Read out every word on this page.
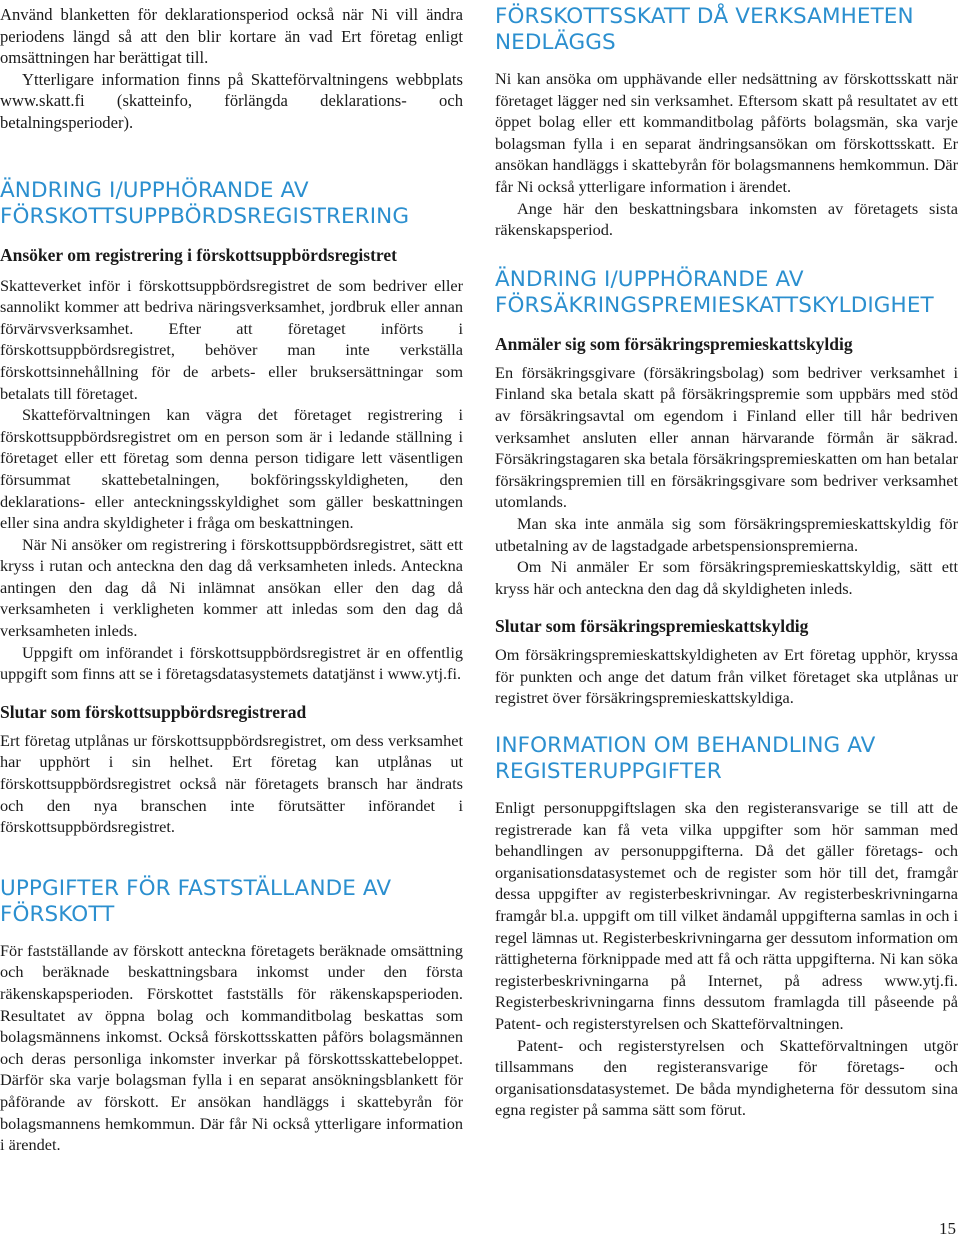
Använd blanketten för deklarationsperiod också när Ni vill ändra periodens längd så att den blir kortare än vad Ert företag enligt omsättningen har berättigat till.

Ytterligare information finns på Skatteförvaltningens webbplats www.skatt.fi (skatteinfo, förlängda deklarations- och betalningsperioder).

ÄNDRING I/UPPHÖRANDE AV FÖRSKOTTSUPPBÖRDSREGISTRERING
Ansöker om registrering i förskottsuppbördsregistret

Skatteverket inför i förskottsuppbördsregistret de som bedriver eller sannolikt kommer att bedriva näringsverksamhet, jordbruk eller annan förvärvsverksamhet. Efter att företaget införts i förskottsuppbördsregistret, behöver man inte verkställa förskottsinnehållning för de arbets- eller bruksersättningar som betalats till företaget.

Skatteförvaltningen kan vägra det företaget registrering i förskottsuppbördsregistret om en person som är i ledande ställning i företaget eller ett företag som denna person tidigare lett väsentligen försummat skattebetalningen, bokföringsskyldigheten, den deklarations- eller anteckningsskyldighet som gäller beskattningen eller sina andra skyldigheter i fråga om beskattningen.

När Ni ansöker om registrering i förskottsuppbördsregistret, sätt ett kryss i rutan och anteckna den dag då verksamheten inleds. Anteckna antingen den dag då Ni inlämnat ansökan eller den dag då verksamheten i verkligheten kommer att inledas som den dag då verksamheten inleds.

Uppgift om införandet i förskottsuppbördsregistret är en offentlig uppgift som finns att se i företagsdatasystemets datatjänst i www.ytj.fi.

Slutar som förskottsuppbördsregistrerad

Ert företag utplånas ur förskottsuppbördsregistret, om dess verksamhet har upphört i sin helhet. Ert företag kan utplånas ut förskottsuppbördsregistret också när företagets bransch har ändrats och den nya branschen inte förutsätter införandet i förskottsuppbördsregistret.

UPPGIFTER FÖR FASTSTÄLLANDE AV FÖRSKOTT

För fastställande av förskott anteckna företagets beräknade omsättning och beräknade beskattningsbara inkomst under den första räkenskapsperioden. Förskottet fastställs för räkenskapsperioden. Resultatet av öppna bolag och kommanditbolag beskattas som bolagsmännens inkomst. Också förskottsskatten påförs bolagsmännen och deras personliga inkomster inverkar på förskottsskattebeloppet. Därför ska varje bolagsman fylla i en separat ansökningsblankett för påförande av förskott. Er ansökan handläggs i skattebyrån för bolagsmannens hemkommun. Där får Ni också ytterligare information i ärendet.

FÖRSKOTTSSKATT DÅ VERKSAMHETEN NEDLÄGGS

Ni kan ansöka om upphävande eller nedsättning av förskottsskatt när företaget lägger ned sin verksamhet. Eftersom skatt på resultatet av ett öppet bolag eller ett kommanditbolag påförts bolagsmän, ska varje bolagsman fylla i en separat ändringsansökan om förskottsskatt. Er ansökan handläggs i skattebyrån för bolagsmannens hemkommun. Där får Ni också ytterligare information i ärendet.

Ange här den beskattningsbara inkomsten av företagets sista räkenskapsperiod.

ÄNDRING I/UPPHÖRANDE AV FÖRSÄKRINGSPREMIESKATTSKYLDIGHET
Anmäler sig som försäkringspremieskattskyldig

En försäkringsgivare (försäkringsbolag) som bedriver verksamhet i Finland ska betala skatt på försäkringspremie som uppbärs med stöd av försäkringsavtal om egendom i Finland eller till hår bedriven verksamhet ansluten eller annan härvarande förmån är säkrad. Försäkringstagaren ska betala försäkringspremieskatten om han betalar försäkringspremien till en försäkringsgivare som bedriver verksamhet utomlands.

Man ska inte anmäla sig som försäkringspremieskattskyldig för utbetalning av de lagstadgade arbetspensionspremierna.

Om Ni anmäler Er som försäkringspremieskattskyldig, sätt ett kryss här och anteckna den dag då skyldigheten inleds.

Slutar som försäkringspremieskattskyldig

Om försäkringspremieskattskyldigheten av Ert företag upphör, kryssa för punkten och ange det datum från vilket företaget ska utplånas ur registret över försäkringspremieskattskyldiga.

INFORMATION OM BEHANDLING AV REGISTERUPPGIFTER

Enligt personuppgiftslagen ska den registeransvarige se till att de registrerade kan få veta vilka uppgifter som hör samman med behandlingen av personuppgifterna. Då det gäller företags- och organisationsdatasystemet och de register som hör till det, framgår dessa uppgifter av registerbeskrivningar. Av registerbeskrivningarna framgår bl.a. uppgift om till vilket ändamål uppgifterna samlas in och i regel lämnas ut. Registerbeskrivningarna ger dessutom information om rättigheterna förknippade med att få och rätta uppgifterna. Ni kan söka registerbeskrivningarna på Internet, på adress www.ytj.fi. Registerbeskrivningarna finns dessutom framlagda till påseende på Patent- och registerstyrelsen och Skatteförvaltningen.

Patent- och registerstyrelsen och Skatteförvaltningen utgör tillsammans den registeransvarige för företags- och organisationsdatasystemet. De båda myndigheterna för dessutom sina egna register på samma sätt som förut.

15
